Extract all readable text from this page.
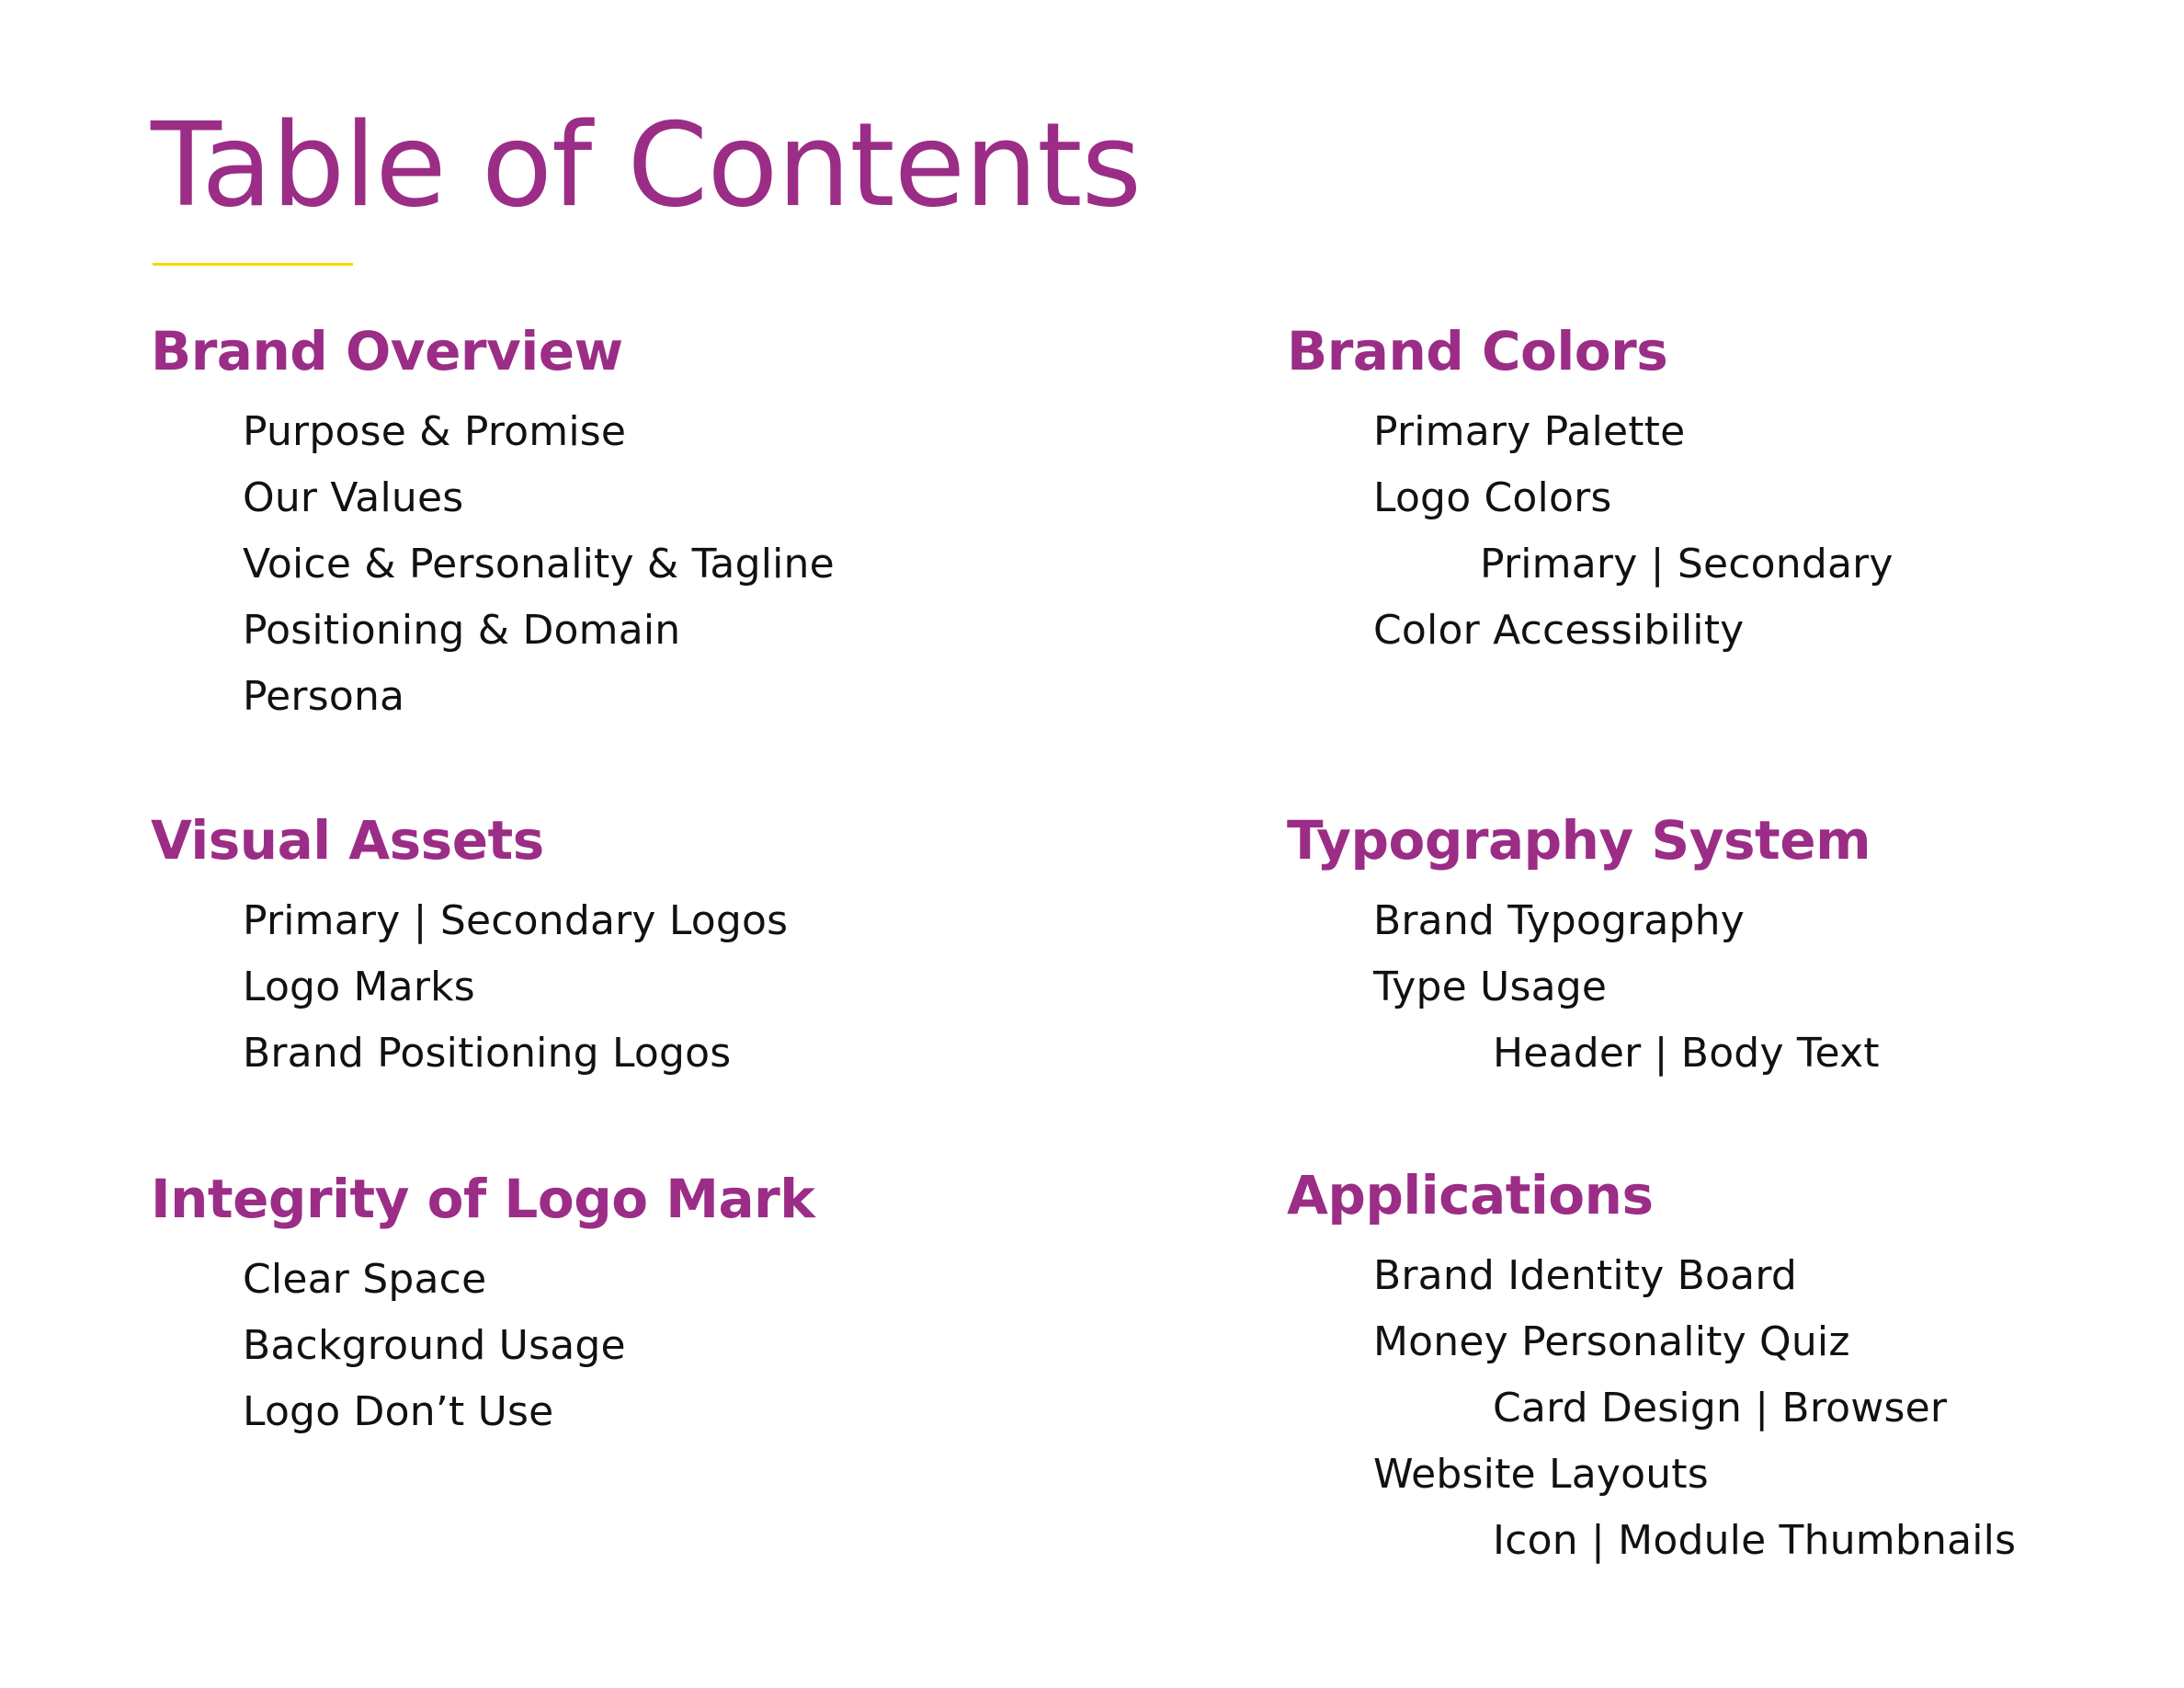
Table of Contents
Brand Overview
Purpose & Promise
Our Values
Voice & Personality & Tagline
Positioning & Domain
Persona
Visual Assets
Primary | Secondary Logos
Logo Marks
Brand Positioning Logos
Integrity of Logo Mark
Clear Space
Background Usage
Logo Don’t Use
Brand Colors
Primary Palette
Logo Colors
Primary | Secondary
Color Accessibility
Typography System
Brand Typography
Type Usage
Header | Body Text
Applications
Brand Identity Board
Money Personality Quiz
Card Design | Browser
Website Layouts
Icon | Module Thumbnails
